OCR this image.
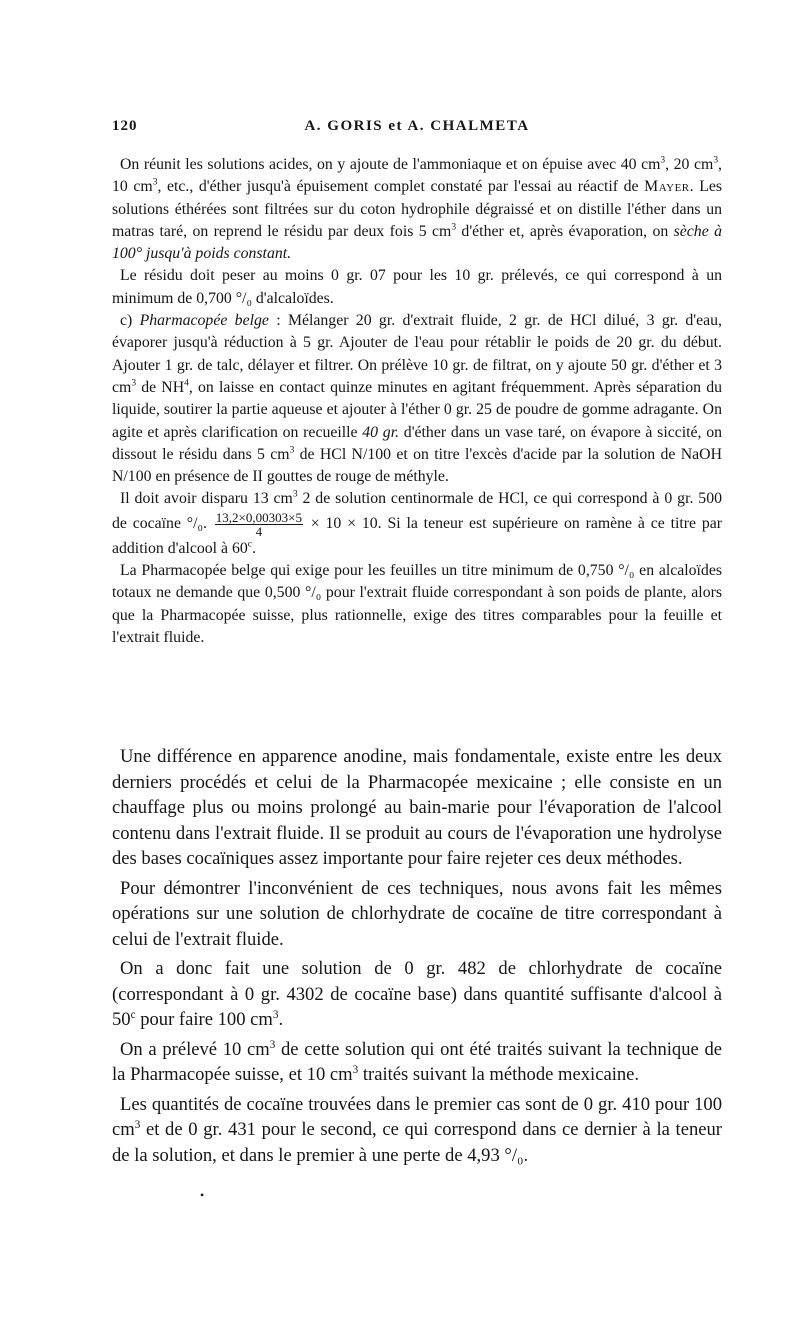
120	A. GORIS et A. CHALMETA

On réunit les solutions acides, on y ajoute de l'ammoniaque et on épuise avec 40 $cm^3$, 20 $cm^3$, 10 $cm^3$, etc., d'éther jusqu'à épuisement complet constaté par l'essai au réactif de Mayer. Les solutions éthérées sont filtrées sur du coton hydrophile dégraissé et on distille l'éther dans un matras taré, on reprend le résidu par deux fois 5 $cm^3$ d'éther et, après évaporation, on sèche à 100° jusqu'à poids constant.

Le résidu doit peser au moins 0 gr. 07 pour les 10 gr. prélevés, ce qui correspond à un minimum de 0,700 °/₀ d'alcaloïdes.

c) Pharmacopée belge : Mélanger 20 gr. d'extrait fluide, 2 gr. de HCl dilué, 3 gr. d'eau, évaporer jusqu'à réduction à 5 gr. Ajouter de l'eau pour rétablir le poids de 20 gr. du début. Ajouter 1 gr. de talc, délayer et filtrer. On prélève 10 gr. de filtrat, on y ajoute 50 gr. d'éther et 3 $cm^3$ de $NH^4$, on laisse en contact quinze minutes en agitant fréquemment. Après séparation du liquide, soutirer la partie aqueuse et ajouter à l'éther 0 gr. 25 de poudre de gomme adragante. On agite et après clarification on recueille 40 gr. d'éther dans un vase taré, on évapore à siccité, on dissout le résidu dans 5 $cm^3$ de HCl N/100 et on titre l'excès d'acide par la solution de NaOH N/100 en présence de II gouttes de rouge de méthyle.

Il doit avoir disparu 13 $cm^3$ 2 de solution centinormale de HCl, ce qui correspond à 0 gr. 500 de cocaïne °/₀. $\frac{13,2\times 0,00303\times 5}{4} \times 10 \times 10$. Si la teneur est supérieure on ramène à ce titre par addition d'alcool à 60$^c$.

La Pharmacopée belge qui exige pour les feuilles un titre minimum de 0,750 °/₀ en alcaloïdes totaux ne demande que 0,500 °/₀ pour l'extrait fluide correspondant à son poids de plante, alors que la Pharmacopée suisse, plus rationnelle, exige des titres comparables pour la feuille et l'extrait fluide.

Une différence en apparence anodine, mais fondamentale, existe entre les deux derniers procédés et celui de la Pharmacopée mexicaine ; elle consiste en un chauffage plus ou moins prolongé au bain-marie pour l'évaporation de l'alcool contenu dans l'extrait fluide. Il se produit au cours de l'évaporation une hydrolyse des bases cocaïniques assez importante pour faire rejeter ces deux méthodes.

Pour démontrer l'inconvénient de ces techniques, nous avons fait les mêmes opérations sur une solution de chlorhydrate de cocaïne de titre correspondant à celui de l'extrait fluide.

On a donc fait une solution de 0 gr. 482 de chlorhydrate de cocaïne (correspondant à 0 gr. 4302 de cocaïne base) dans quantité suffisante d'alcool à 50$^c$ pour faire 100 $cm^3$.

On a prélevé 10 $cm^3$ de cette solution qui ont été traités suivant la technique de la Pharmacopée suisse, et 10 $cm^3$ traités suivant la méthode mexicaine.

Les quantités de cocaïne trouvées dans le premier cas sont de 0 gr. 410 pour 100 $cm^3$ et de 0 gr. 431 pour le second, ce qui correspond dans ce dernier à la teneur de la solution, et dans le premier à une perte de 4,93 °/₀.

•
